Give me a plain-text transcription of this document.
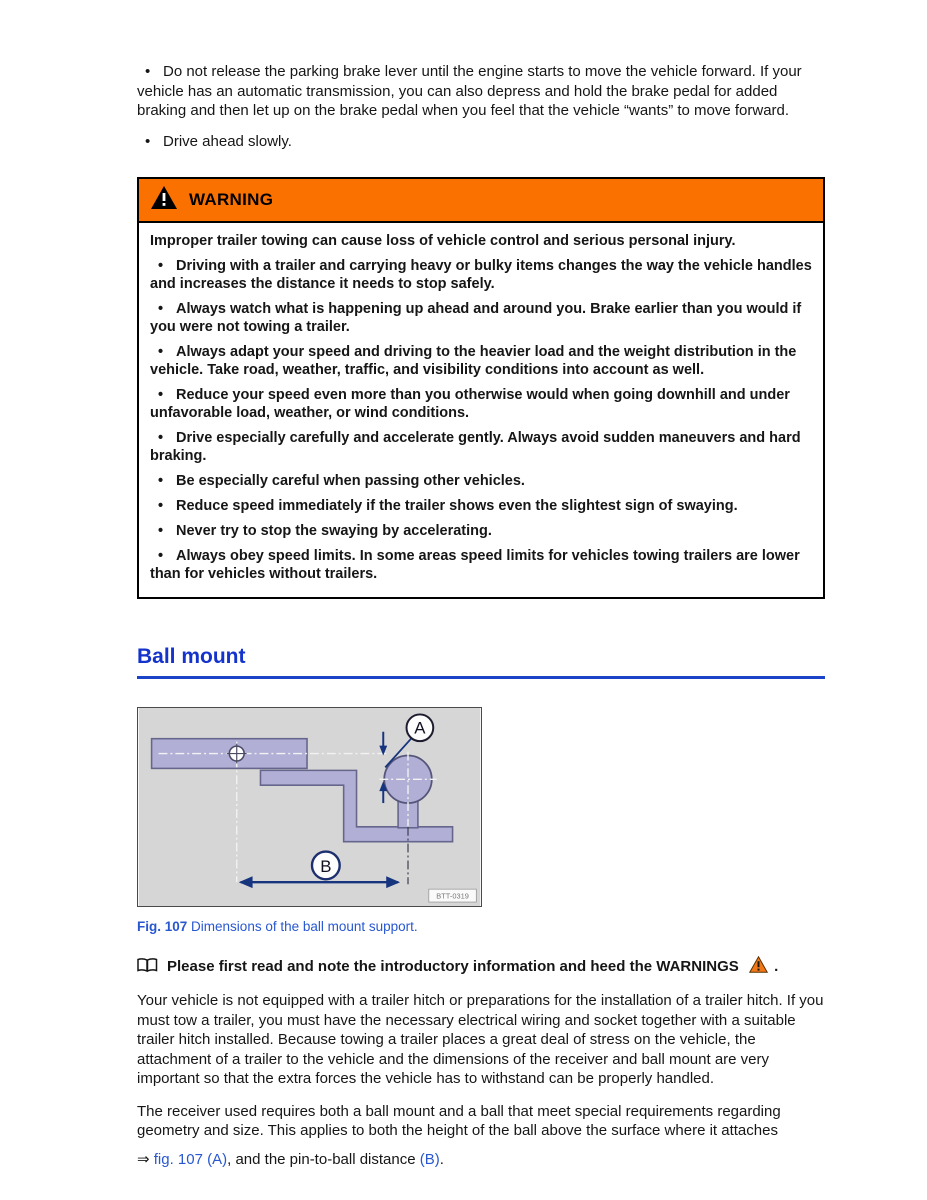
• Do not release the parking brake lever until the engine starts to move the vehicle forward. If your vehicle has an automatic transmission, you can also depress and hold the brake pedal for added braking and then let up on the brake pedal when you feel that the vehicle “wants” to move forward.

• Drive ahead slowly.

WARNING

Improper trailer towing can cause loss of vehicle control and serious personal injury.

• Driving with a trailer and carrying heavy or bulky items changes the way the vehicle handles and increases the distance it needs to stop safely.

• Always watch what is happening up ahead and around you. Brake earlier than you would if you were not towing a trailer.

• Always adapt your speed and driving to the heavier load and the weight distribution in the vehicle. Take road, weather, traffic, and visibility conditions into account as well.

• Reduce your speed even more than you otherwise would when going downhill and under unfavorable load, weather, or wind conditions.

• Drive especially carefully and accelerate gently. Always avoid sudden maneuvers and hard braking.

• Be especially careful when passing other vehicles.

• Reduce speed immediately if the trailer shows even the slightest sign of swaying.

• Never try to stop the swaying by accelerating.

• Always obey speed limits. In some areas speed limits for vehicles towing trailers are lower than for vehicles without trailers.

Ball mount
A
B
BTT-0319
Fig. 107 Dimensions of the ball mount support.
Please first read and note the introductory information and heed the WARNINGS .

Your vehicle is not equipped with a trailer hitch or preparations for the installation of a trailer hitch. If you must tow a trailer, you must have the necessary electrical wiring and socket together with a suitable trailer hitch installed. Because towing a trailer places a great deal of stress on the vehicle, the attachment of a trailer to the vehicle and the dimensions of the receiver and ball mount are very important so that the extra forces the vehicle has to withstand can be properly handled.

The receiver used requires both a ball mount and a ball that meet special requirements regarding geometry and size. This applies to both the height of the ball above the surface where it attaches

⇒ fig. 107 (A), and the pin-to-ball distance (B).
